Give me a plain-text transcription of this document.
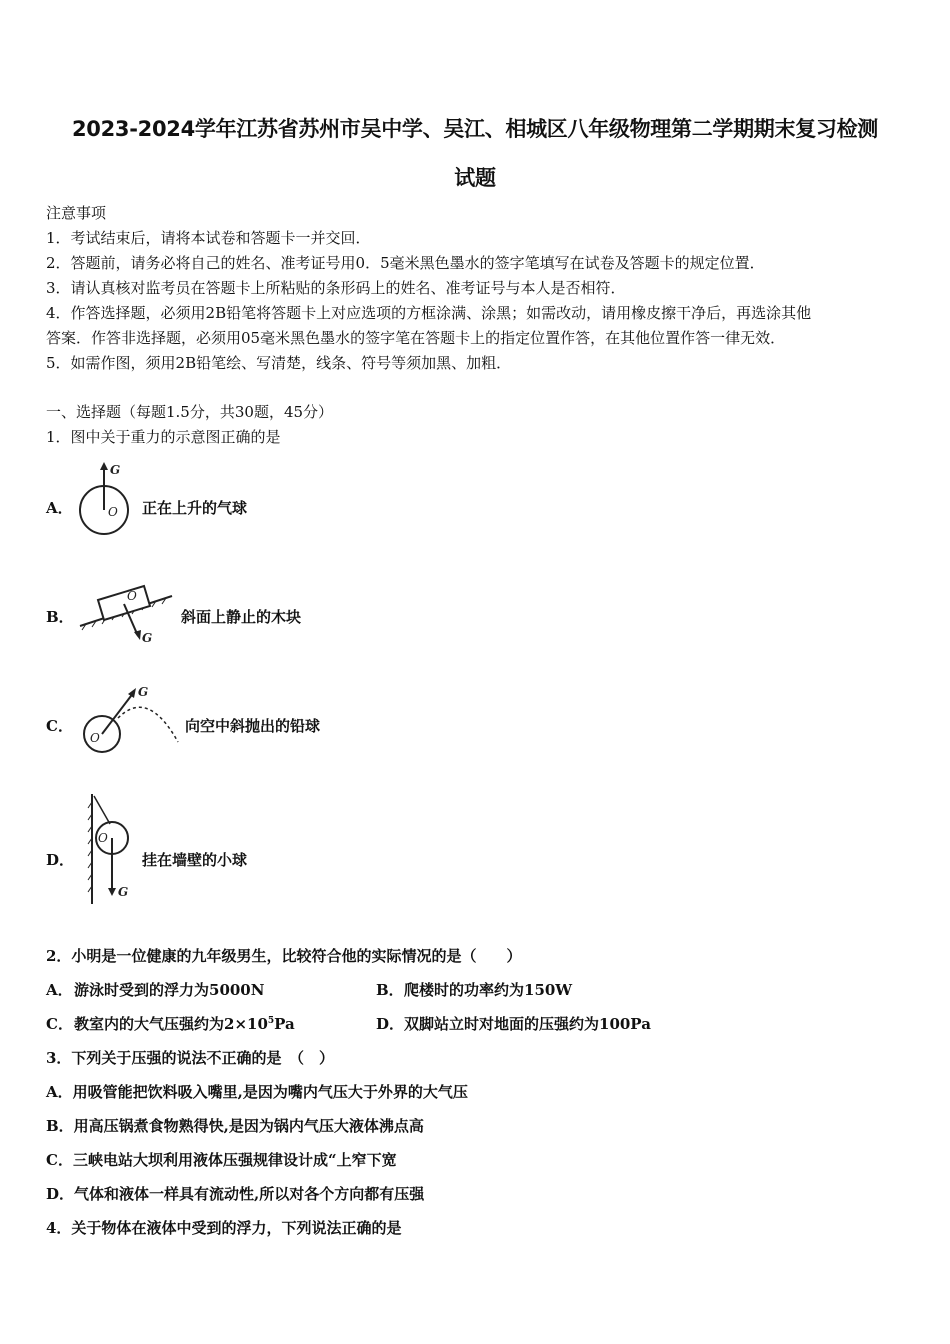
2023-2024学年江苏省苏州市吴中学、吴江、相城区八年级物理第二学期期末复习检测
试题
注意事项
1．考试结束后，请将本试卷和答题卡一并交回．
2．答题前，请务必将自己的姓名、准考证号用0．5毫米黑色墨水的签字笔填写在试卷及答题卡的规定位置．
3．请认真核对监考员在答题卡上所粘贴的条形码上的姓名、准考证号与本人是否相符．
4．作答选择题，必须用2B铅笔将答题卡上对应选项的方框涂满、涂黑；如需改动，请用橡皮擦干净后，再选涂其他
答案．作答非选择题，必须用05毫米黑色墨水的签字笔在答题卡上的指定位置作答，在其他位置作答一律无效．
5．如需作图，须用2B铅笔绘、写清楚，线条、符号等须加黑、加粗．
一、选择题（每题1.5分，共30题，45分）
1．图中关于重力的示意图正确的是
A．
G
O 正在上升的气球
B．
O
G
斜面上静止的木块
C．
G
O
向空中斜抛出的铅球
D．
O
G
挂在墙壁的小球
2．小明是一位健康的九年级男生，比较符合他的实际情况的是（　　）
A． 游泳时受到的浮力为5000N	B． 爬楼时的功率约为150W
C． 教室内的大气压强约为$2\times 10^5Pa$	D． 双脚站立时对地面的压强约为100Pa
3．下列关于压强的说法不正确的是　（　）
A．用吸管能把饮料吸入嘴里,是因为嘴内气压大于外界的大气压
B．用高压锅煮食物熟得快,是因为锅内气压大液体沸点高
C．三峡电站大坝利用液体压强规律设计成“上窄下宽
D．气体和液体一样具有流动性,所以对各个方向都有压强
4．关于物体在液体中受到的浮力，下列说法正确的是
